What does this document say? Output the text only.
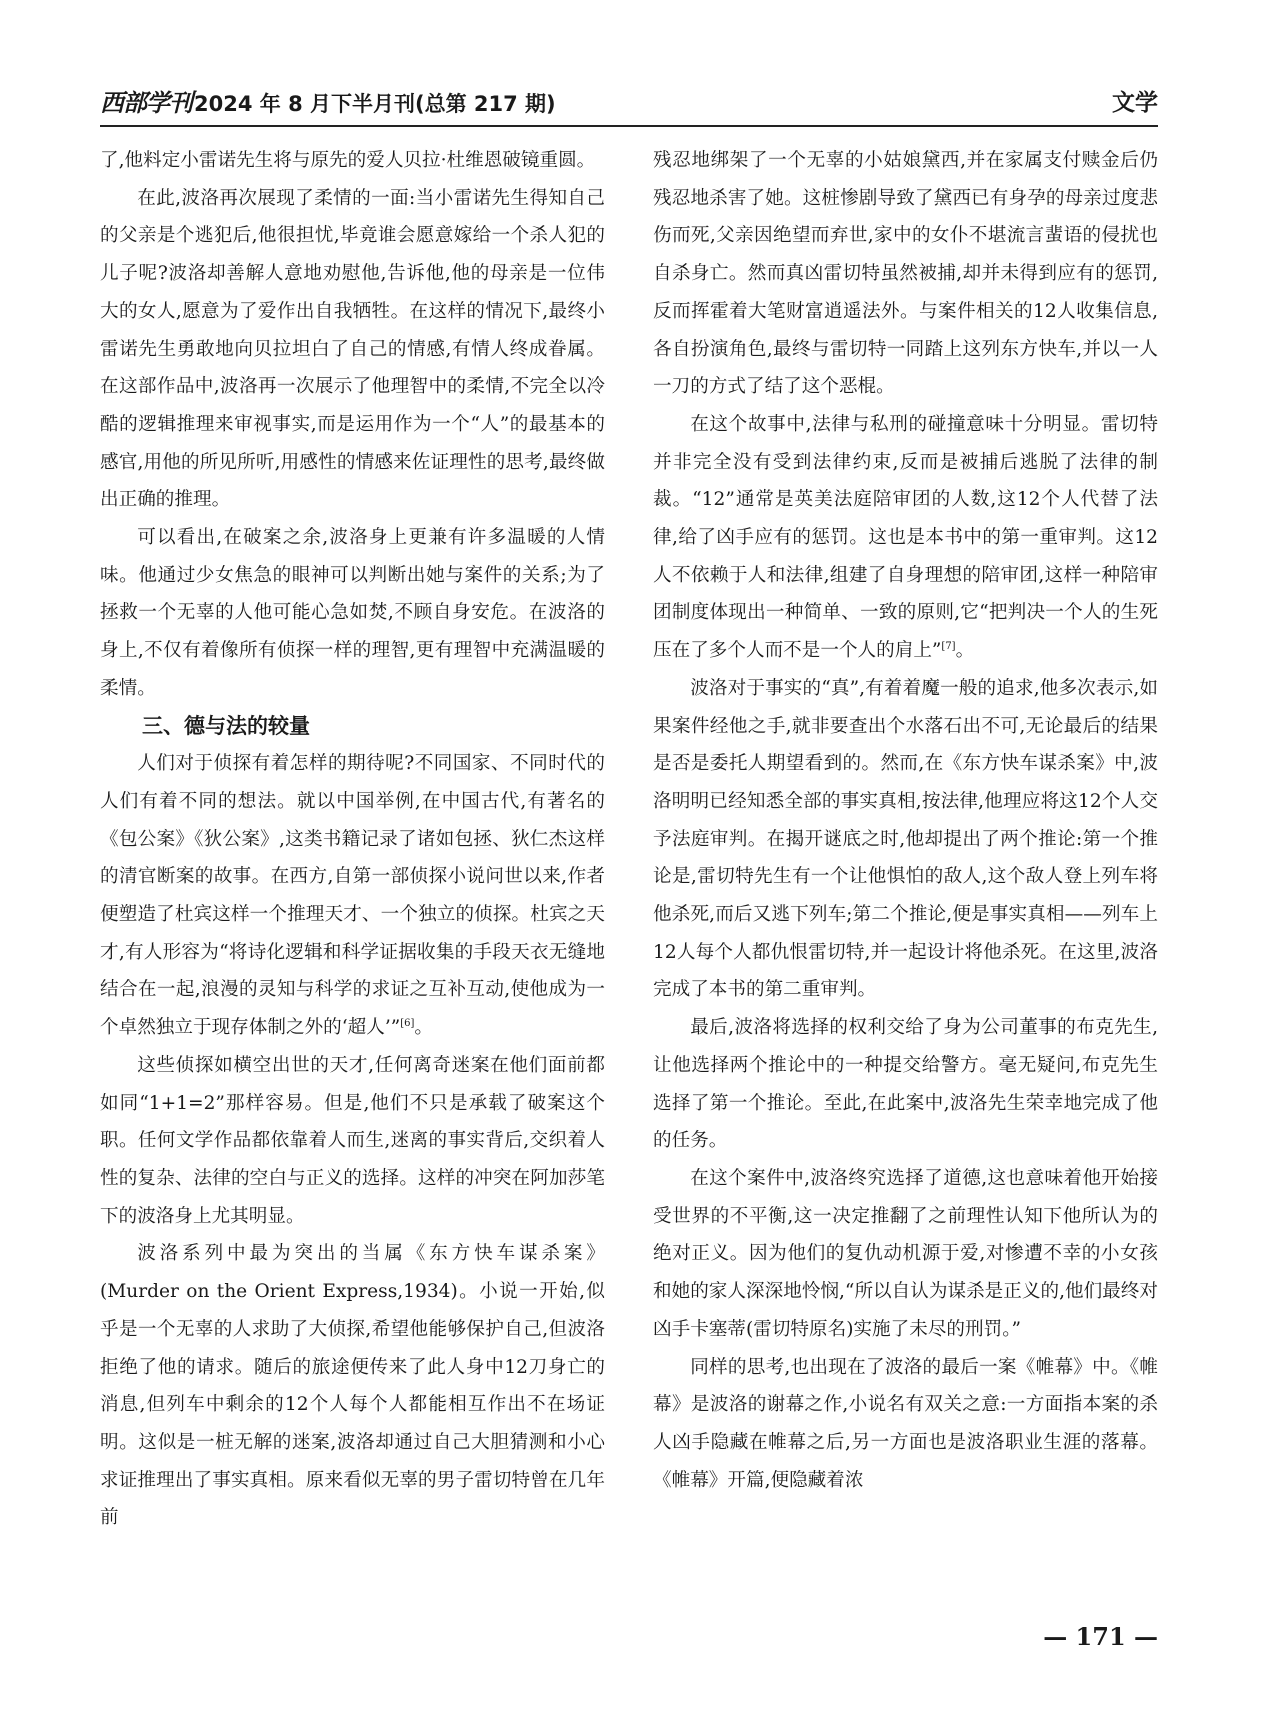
西部学刊2024 年 8 月下半月刊(总第 217 期)	文学

了,他料定小雷诺先生将与原先的爱人贝拉·杜维恩破镜重圆。

在此,波洛再次展现了柔情的一面:当小雷诺先生得知自己的父亲是个逃犯后,他很担忧,毕竟谁会愿意嫁给一个杀人犯的儿子呢?波洛却善解人意地劝慰他,告诉他,他的母亲是一位伟大的女人,愿意为了爱作出自我牺牲。在这样的情况下,最终小雷诺先生勇敢地向贝拉坦白了自己的情感,有情人终成眷属。在这部作品中,波洛再一次展示了他理智中的柔情,不完全以冷酷的逻辑推理来审视事实,而是运用作为一个“人”的最基本的感官,用他的所见所听,用感性的情感来佐证理性的思考,最终做出正确的推理。

可以看出,在破案之余,波洛身上更兼有许多温暖的人情味。他通过少女焦急的眼神可以判断出她与案件的关系;为了拯救一个无辜的人他可能心急如焚,不顾自身安危。在波洛的身上,不仅有着像所有侦探一样的理智,更有理智中充满温暖的柔情。

三、德与法的较量

人们对于侦探有着怎样的期待呢?不同国家、不同时代的人们有着不同的想法。就以中国举例,在中国古代,有著名的《包公案》《狄公案》,这类书籍记录了诸如包拯、狄仁杰这样的清官断案的故事。在西方,自第一部侦探小说问世以来,作者便塑造了杜宾这样一个推理天才、一个独立的侦探。杜宾之天才,有人形容为“将诗化逻辑和科学证据收集的手段天衣无缝地结合在一起,浪漫的灵知与科学的求证之互补互动,使他成为一个卓然独立于现存体制之外的‘超人’”[6]。

这些侦探如横空出世的天才,任何离奇迷案在他们面前都如同“1+1=2”那样容易。但是,他们不只是承载了破案这个职。任何文学作品都依靠着人而生,迷离的事实背后,交织着人性的复杂、法律的空白与正义的选择。这样的冲突在阿加莎笔下的波洛身上尤其明显。

波洛系列中最为突出的当属《东方快车谋杀案》(Murder on the Orient Express,1934)。小说一开始,似乎是一个无辜的人求助了大侦探,希望他能够保护自己,但波洛拒绝了他的请求。随后的旅途便传来了此人身中12刀身亡的消息,但列车中剩余的12个人每个人都能相互作出不在场证明。这似是一桩无解的迷案,波洛却通过自己大胆猜测和小心求证推理出了事实真相。原来看似无辜的男子雷切特曾在几年前

残忍地绑架了一个无辜的小姑娘黛西,并在家属支付赎金后仍残忍地杀害了她。这桩惨剧导致了黛西已有身孕的母亲过度悲伤而死,父亲因绝望而弃世,家中的女仆不堪流言蜚语的侵扰也自杀身亡。然而真凶雷切特虽然被捕,却并未得到应有的惩罚,反而挥霍着大笔财富逍遥法外。与案件相关的12人收集信息,各自扮演角色,最终与雷切特一同踏上这列东方快车,并以一人一刀的方式了结了这个恶棍。

在这个故事中,法律与私刑的碰撞意味十分明显。雷切特并非完全没有受到法律约束,反而是被捕后逃脱了法律的制裁。“12”通常是英美法庭陪审团的人数,这12个人代替了法律,给了凶手应有的惩罚。这也是本书中的第一重审判。这12人不依赖于人和法律,组建了自身理想的陪审团,这样一种陪审团制度体现出一种简单、一致的原则,它“把判决一个人的生死压在了多个人而不是一个人的肩上”[7]。

波洛对于事实的“真”,有着着魔一般的追求,他多次表示,如果案件经他之手,就非要查出个水落石出不可,无论最后的结果是否是委托人期望看到的。然而,在《东方快车谋杀案》中,波洛明明已经知悉全部的事实真相,按法律,他理应将这12个人交予法庭审判。在揭开谜底之时,他却提出了两个推论:第一个推论是,雷切特先生有一个让他惧怕的敌人,这个敌人登上列车将他杀死,而后又逃下列车;第二个推论,便是事实真相——列车上12人每个人都仇恨雷切特,并一起设计将他杀死。在这里,波洛完成了本书的第二重审判。

最后,波洛将选择的权利交给了身为公司董事的布克先生,让他选择两个推论中的一种提交给警方。毫无疑问,布克先生选择了第一个推论。至此,在此案中,波洛先生荣幸地完成了他的任务。

在这个案件中,波洛终究选择了道德,这也意味着他开始接受世界的不平衡,这一决定推翻了之前理性认知下他所认为的绝对正义。因为他们的复仇动机源于爱,对惨遭不幸的小女孩和她的家人深深地怜悯,“所以自认为谋杀是正义的,他们最终对凶手卡塞蒂(雷切特原名)实施了未尽的刑罚。”

同样的思考,也出现在了波洛的最后一案《帷幕》中。《帷幕》是波洛的谢幕之作,小说名有双关之意:一方面指本案的杀人凶手隐藏在帷幕之后,另一方面也是波洛职业生涯的落幕。《帷幕》开篇,便隐藏着浓

— 171 —
